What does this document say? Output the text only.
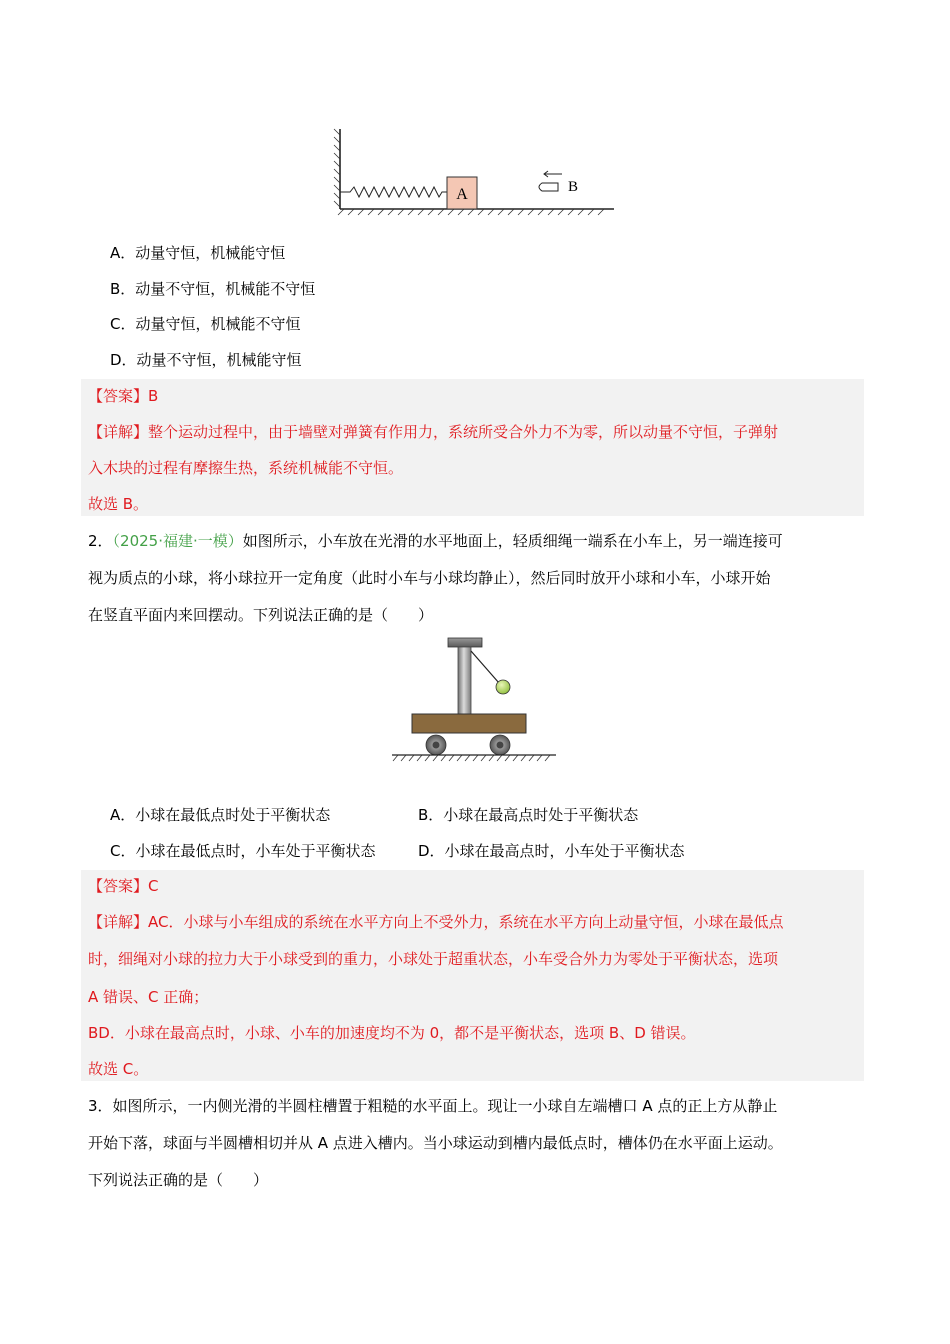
A	B
A．动量守恒，机械能守恒
B．动量不守恒，机械能不守恒
C．动量守恒，机械能不守恒
D．动量不守恒，机械能守恒
【答案】B
【详解】整个运动过程中，由于墙壁对弹簧有作用力，系统所受合外力不为零，所以动量不守恒，子弹射
入木块的过程有摩擦生热，系统机械能不守恒。
故选 B。
2．（2025·福建·一模）如图所示，小车放在光滑的水平地面上，轻质细绳一端系在小车上，另一端连接可
视为质点的小球，将小球拉开一定角度（此时小车与小球均静止），然后同时放开小球和小车，小球开始
在竖直平面内来回摆动。下列说法正确的是（　　）
A．小球在最低点时处于平衡状态	B．小球在最高点时处于平衡状态
C．小球在最低点时，小车处于平衡状态	D．小球在最高点时，小车处于平衡状态
【答案】C
【详解】AC．小球与小车组成的系统在水平方向上不受外力，系统在水平方向上动量守恒，小球在最低点
时，细绳对小球的拉力大于小球受到的重力，小球处于超重状态，小车受合外力为零处于平衡状态，选项
A 错误、C 正确；
BD．小球在最高点时，小球、小车的加速度均不为 0，都不是平衡状态，选项 B、D 错误。
故选 C。
3．如图所示，一内侧光滑的半圆柱槽置于粗糙的水平面上。现让一小球自左端槽口 A 点的正上方从静止
开始下落，球面与半圆槽相切并从 A 点进入槽内。当小球运动到槽内最低点时，槽体仍在水平面上运动。
下列说法正确的是（　　）
